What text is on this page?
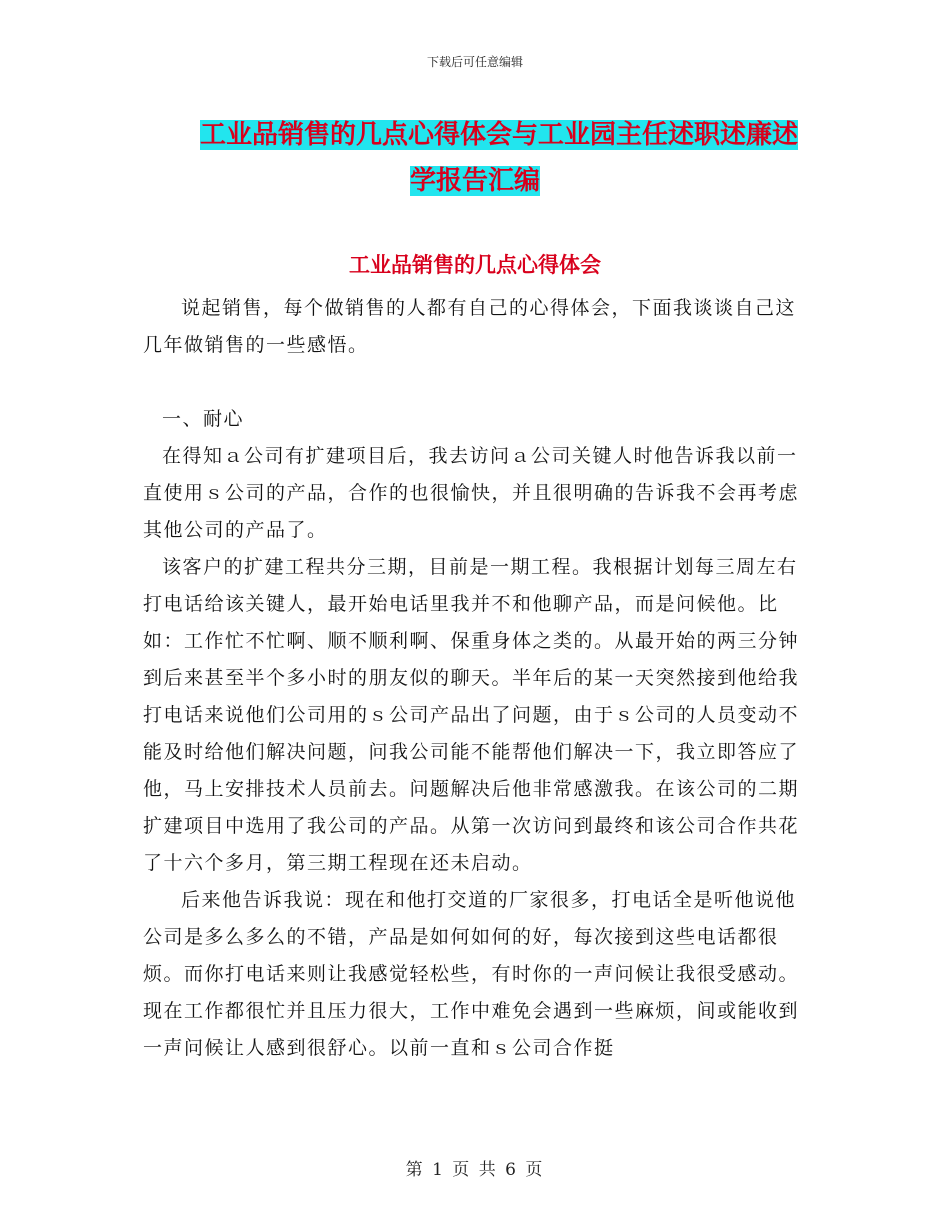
下载后可任意编辑
工业品销售的几点心得体会与工业园主任述职述廉述
学报告汇编
工业品销售的几点心得体会

说起销售，每个做销售的人都有自己的心得体会，下面我谈谈自己这几年做销售的一些感悟。

一、耐心

在得知ａ公司有扩建项目后，我去访问ａ公司关键人时他告诉我以前一直使用ｓ公司的产品，合作的也很愉快，并且很明确的告诉我不会再考虑其他公司的产品了。

该客户的扩建工程共分三期，目前是一期工程。我根据计划每三周左右打电话给该关键人，最开始电话里我并不和他聊产品，而是问候他。比如：工作忙不忙啊、顺不顺利啊、保重身体之类的。从最开始的两三分钟到后来甚至半个多小时的朋友似的聊天。半年后的某一天突然接到他给我打电话来说他们公司用的ｓ公司产品出了问题，由于ｓ公司的人员变动不能及时给他们解决问题，问我公司能不能帮他们解决一下，我立即答应了他，马上安排技术人员前去。问题解决后他非常感激我。在该公司的二期扩建项目中选用了我公司的产品。从第一次访问到最终和该公司合作共花了十六个多月，第三期工程现在还未启动。

后来他告诉我说：现在和他打交道的厂家很多，打电话全是听他说他公司是多么多么的不错，产品是如何如何的好，每次接到这些电话都很烦。而你打电话来则让我感觉轻松些，有时你的一声问候让我很受感动。现在工作都很忙并且压力很大，工作中难免会遇到一些麻烦，间或能收到一声问候让人感到很舒心。以前一直和ｓ公司合作挺

第 1 页 共 6 页
